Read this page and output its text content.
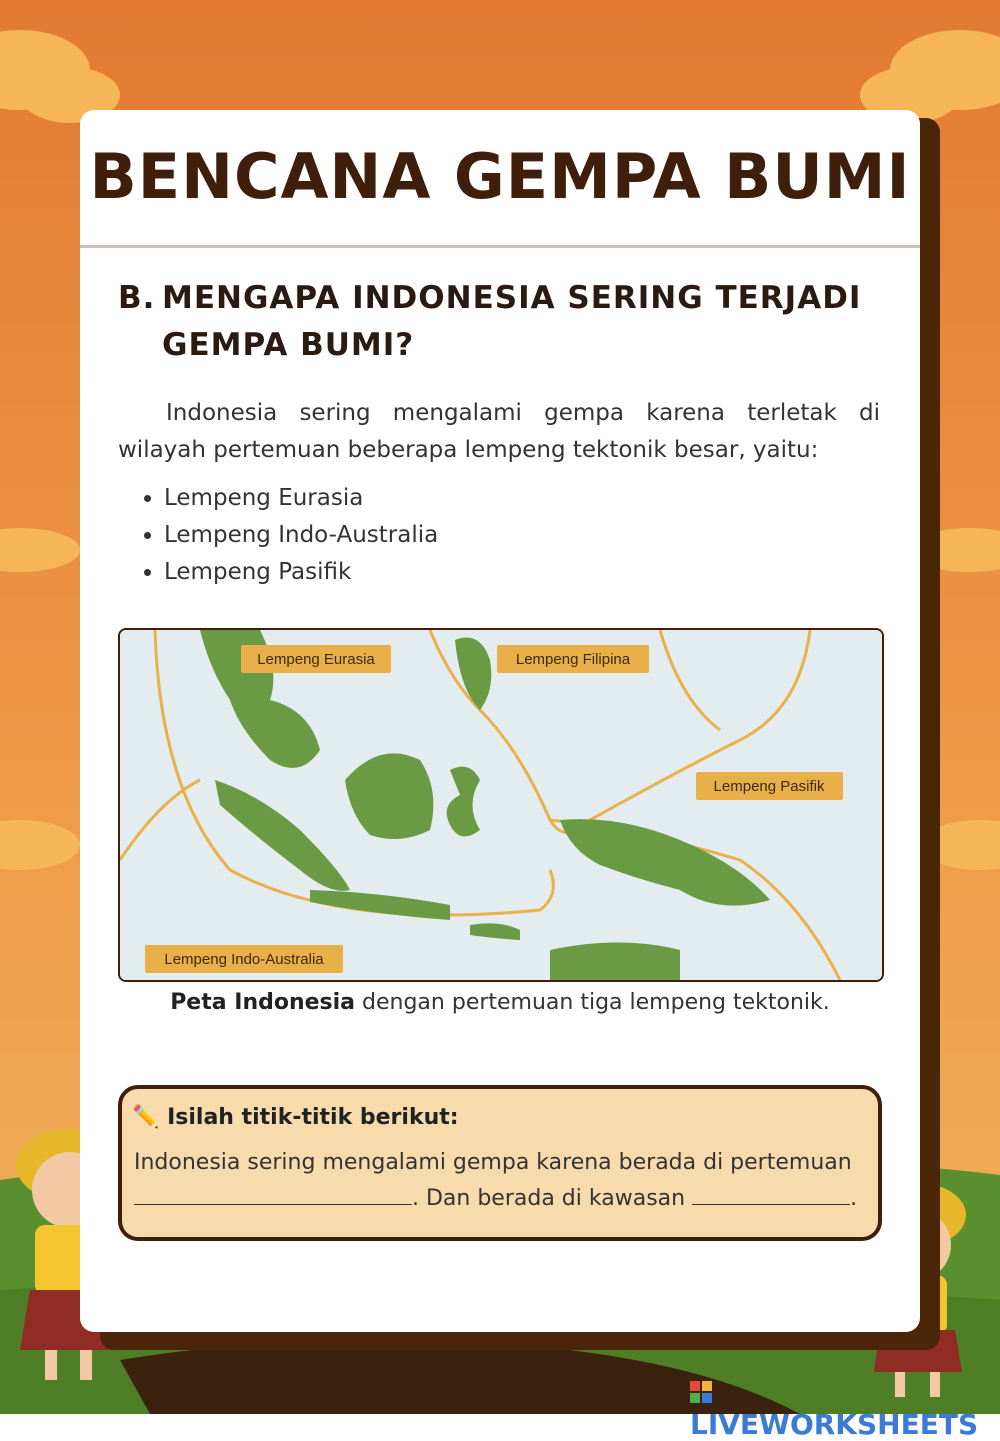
BENCANA GEMPA BUMI
B. MENGAPA INDONESIA SERING TERJADI
GEMPA BUMI?
Indonesia sering mengalami gempa karena terletak di wilayah pertemuan beberapa lempeng tektonik besar, yaitu:
• Lempeng Eurasia
• Lempeng Indo-Australia
• Lempeng Pasifik
Lempeng Eurasia	Lempeng Filipina
Lempeng Pasifik
Lempeng Indo-Australia
Peta Indonesia dengan pertemuan tiga lempeng tektonik.
✏️ Isilah titik-titik berikut:
Indonesia sering mengalami gempa karena berada di pertemuan
. Dan berada di kawasan	.
LIVEWORKSHEETS
